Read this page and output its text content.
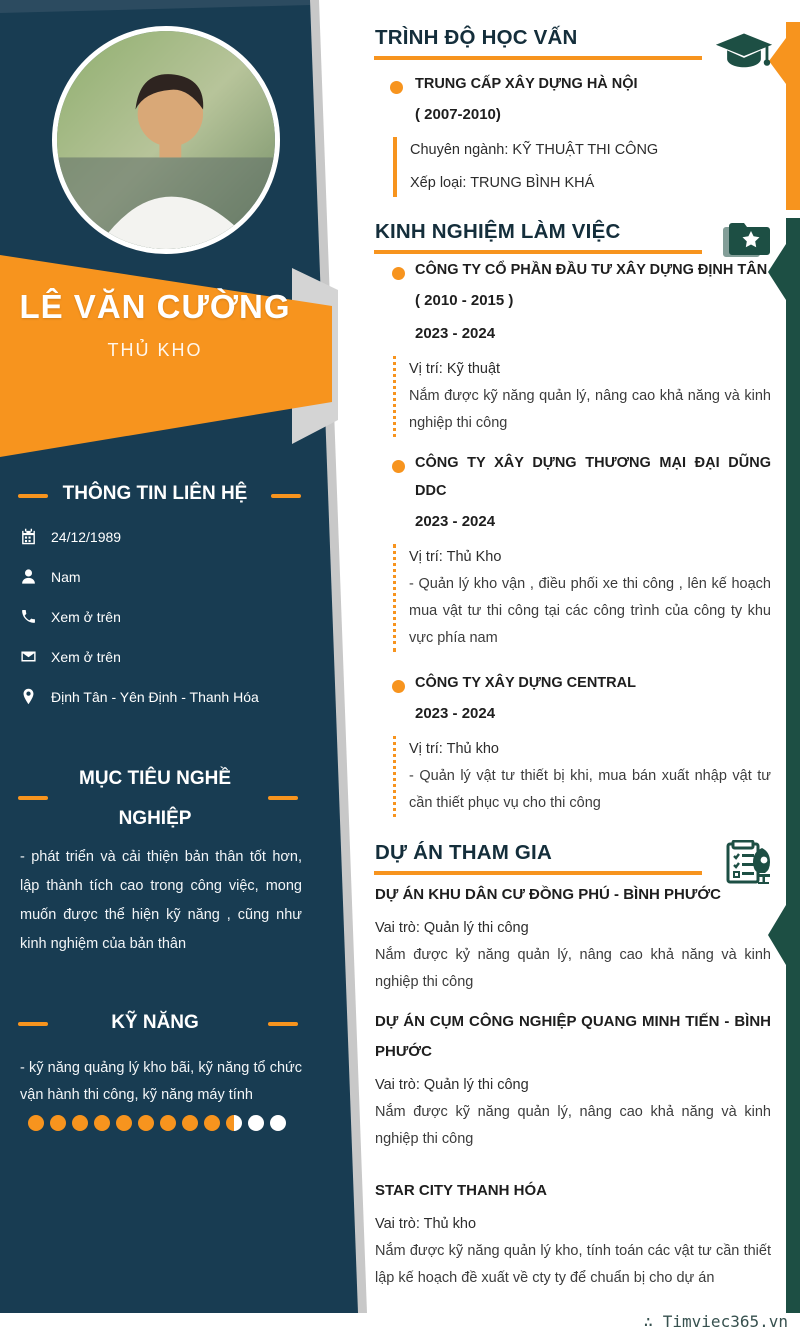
LÊ VĂN CƯỜNG
THỦ KHO
THÔNG TIN LIÊN HỆ
24/12/1989
Nam
Xem ở trên
Xem ở trên
Định Tân - Yên Định - Thanh Hóa
MỤC TIÊU NGHỀ
NGHIỆP
- phát triển và cải thiện bản thân tốt hơn, lập thành tích cao trong công việc, mong muốn được thể hiện kỹ năng , cũng như kinh nghiệm của bản thân
KỸ NĂNG
- kỹ năng quảng lý kho bãi, kỹ năng tổ chức vận hành thi công, kỹ năng máy tính
TRÌNH ĐỘ HỌC VẤN
TRUNG CẤP XÂY DỰNG HÀ NỘI
( 2007-2010)
Chuyên ngành: KỸ THUẬT THI CÔNG
Xếp loại: TRUNG BÌNH KHÁ
KINH NGHIỆM LÀM VIỆC
CÔNG TY CỔ PHẦN ĐẦU TƯ XÂY DỰNG ĐỊNH TÂN
( 2010 - 2015 )
2023 - 2024
Vị trí: Kỹ thuật
Nắm được kỹ năng quản lý, nâng cao khả năng và kinh nghiệp thi công
CÔNG TY XÂY DỰNG THƯƠNG MẠI ĐẠI DŨNG DDC
2023 - 2024
Vị trí: Thủ Kho
- Quản lý kho vận , điều phối xe thi công , lên kế hoạch mua vật tư thi công tại các công trình của công ty khu vực phía nam
CÔNG TY XÂY DỰNG CENTRAL
2023 - 2024
Vị trí: Thủ kho
- Quản lý vật tư thiết bị khi, mua bán xuất nhập vật tư cần thiết phục vụ cho thi công
DỰ ÁN THAM GIA
DỰ ÁN KHU DÂN CƯ ĐỒNG PHÚ - BÌNH PHƯỚC
Vai trò: Quản lý thi công
Nắm được kỷ năng quản lý, nâng cao khả năng và kinh nghiệp thi công
DỰ ÁN CỤM CÔNG NGHIỆP QUANG MINH TIẾN - BÌNH PHƯỚC
Vai trò: Quản lý thi công
Nắm được kỹ năng quản lý, nâng cao khả năng và kinh nghiệp thi công
STAR CITY THANH HÓA
Vai trò: Thủ kho
Nắm được kỹ năng quản lý kho, tính toán các vật tư cần thiết lập kế hoạch đề xuất về cty ty để chuẩn bị cho dự án
∴ Timviec365.vn
